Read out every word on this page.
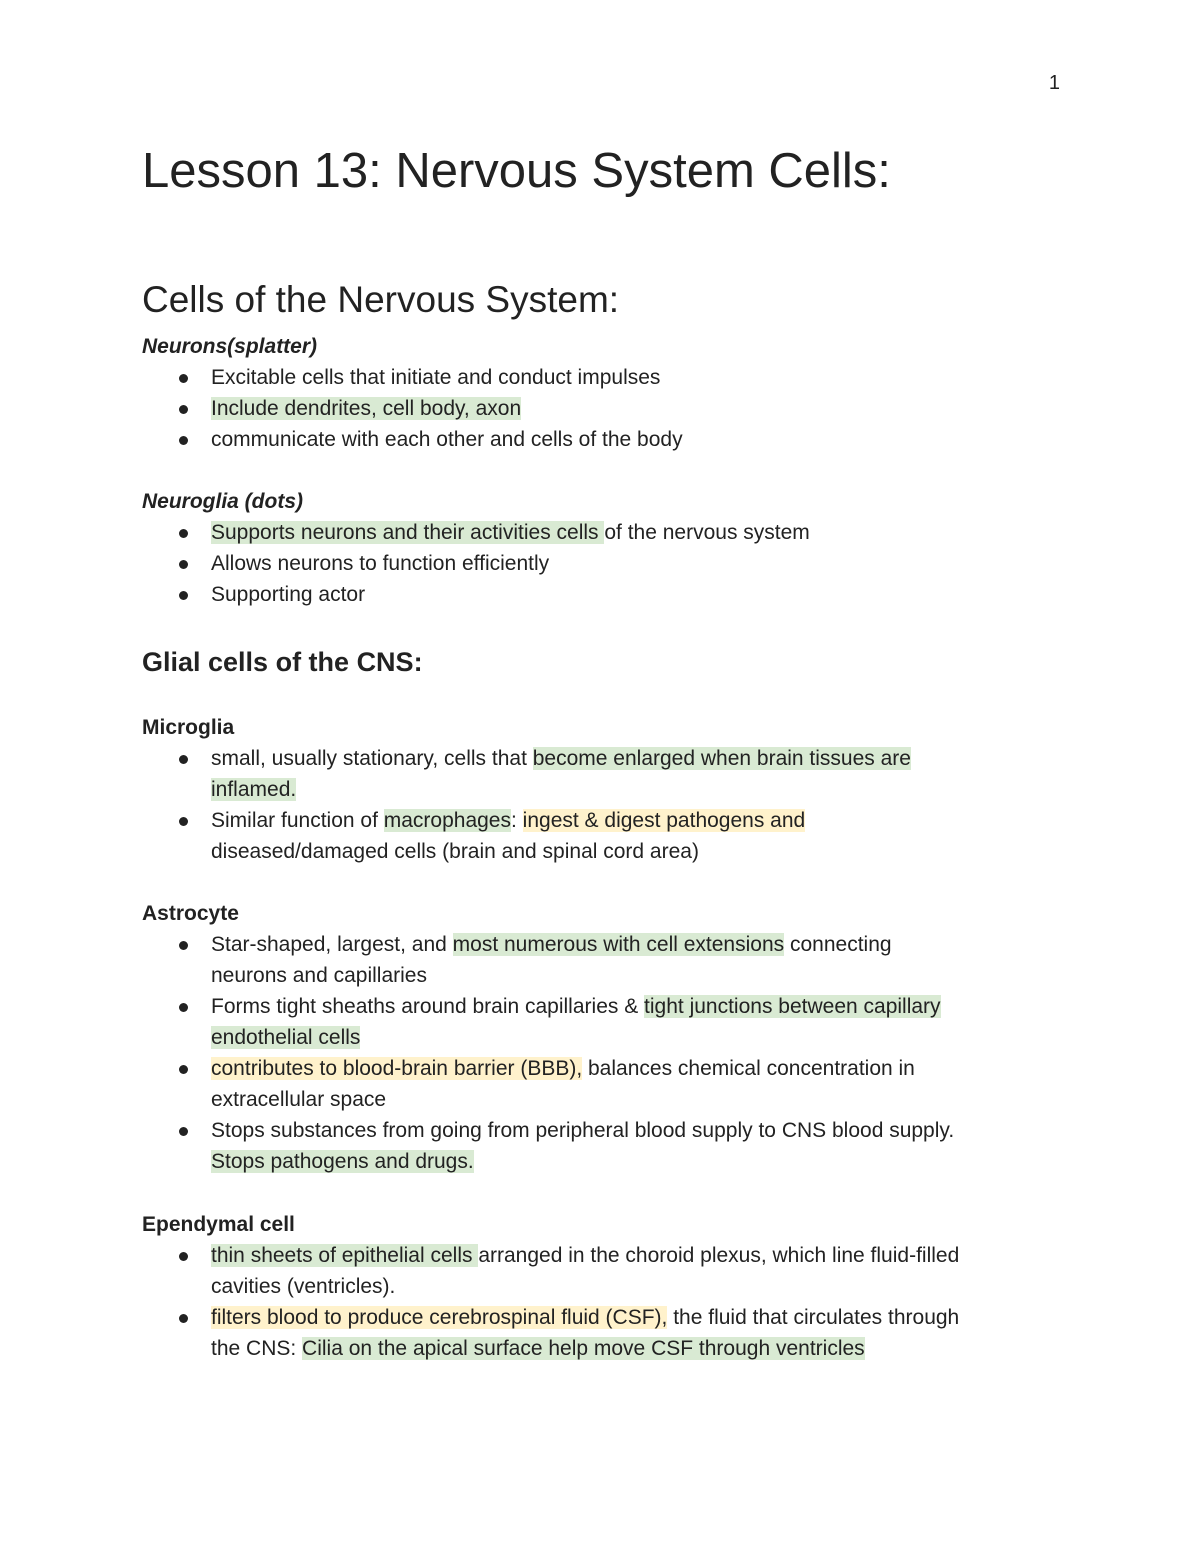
1
Lesson 13: Nervous System Cells:
Cells of the Nervous System:
Neurons(splatter)
Excitable cells that initiate and conduct impulses
Include dendrites, cell body, axon
communicate with each other and cells of the body
Neuroglia (dots)
Supports neurons and their activities cells of the nervous system
Allows neurons to function efficiently
Supporting actor
Glial cells of the CNS:
Microglia
small, usually stationary, cells that become enlarged when brain tissues are
inflamed.
Similar function of macrophages: ingest & digest pathogens and
diseased/damaged cells (brain and spinal cord area)
Astrocyte
Star-shaped, largest, and most numerous with cell extensions connecting
neurons and capillaries
Forms tight sheaths around brain capillaries & tight junctions between capillary
endothelial cells
contributes to blood-brain barrier (BBB), balances chemical concentration in
extracellular space
Stops substances from going from peripheral blood supply to CNS blood supply.
Stops pathogens and drugs.
Ependymal cell
thin sheets of epithelial cells arranged in the choroid plexus, which line fluid-filled
cavities (ventricles).
filters blood to produce cerebrospinal fluid (CSF), the fluid that circulates through
the CNS: Cilia on the apical surface help move CSF through ventricles
